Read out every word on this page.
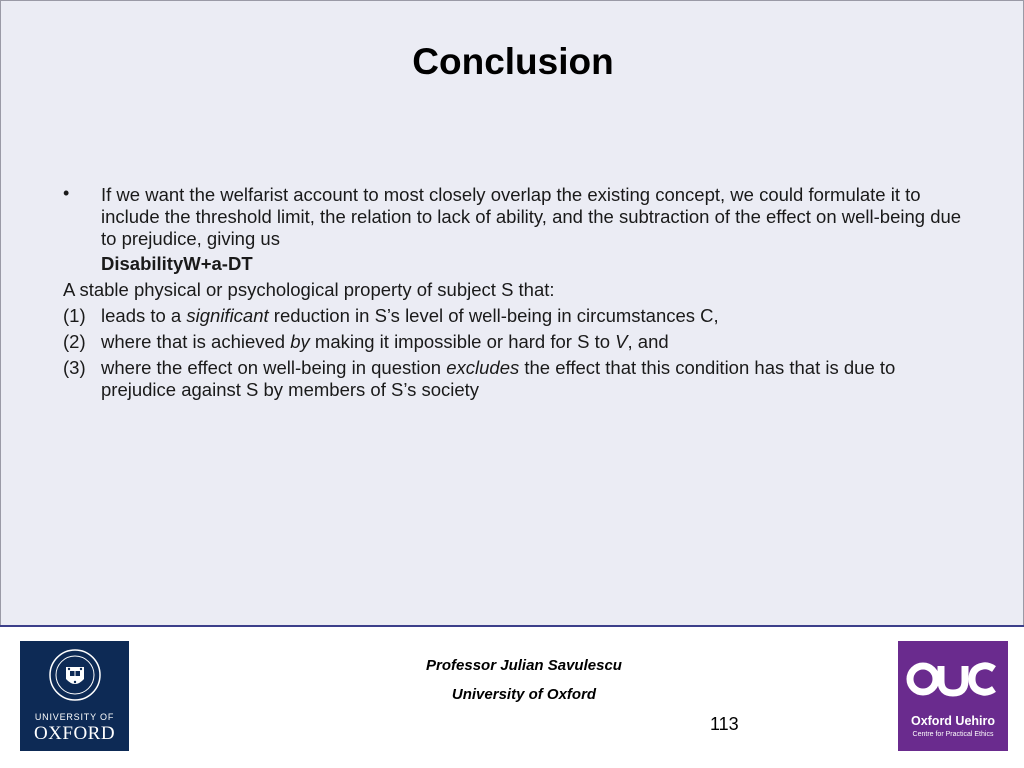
Conclusion
• If we want the welfarist account to most closely overlap the existing concept, we could formulate it to include the threshold limit, the relation to lack of ability, and the subtraction of the effect on well-being due to prejudice, giving us
DisabilityW+a-DT
A stable physical or psychological property of subject S that:
(1) leads to a significant reduction in S’s level of well-being in circumstances C,
(2) where that is achieved by making it impossible or hard for S to V, and
(3) where the effect on well-being in question excludes the effect that this condition has that is due to prejudice against S by members of S’s society
UNIVERSITY OF
OXFORD
Professor Julian Savulescu
University of Oxford
113	Oxford Uehiro
Centre for Practical Ethics
